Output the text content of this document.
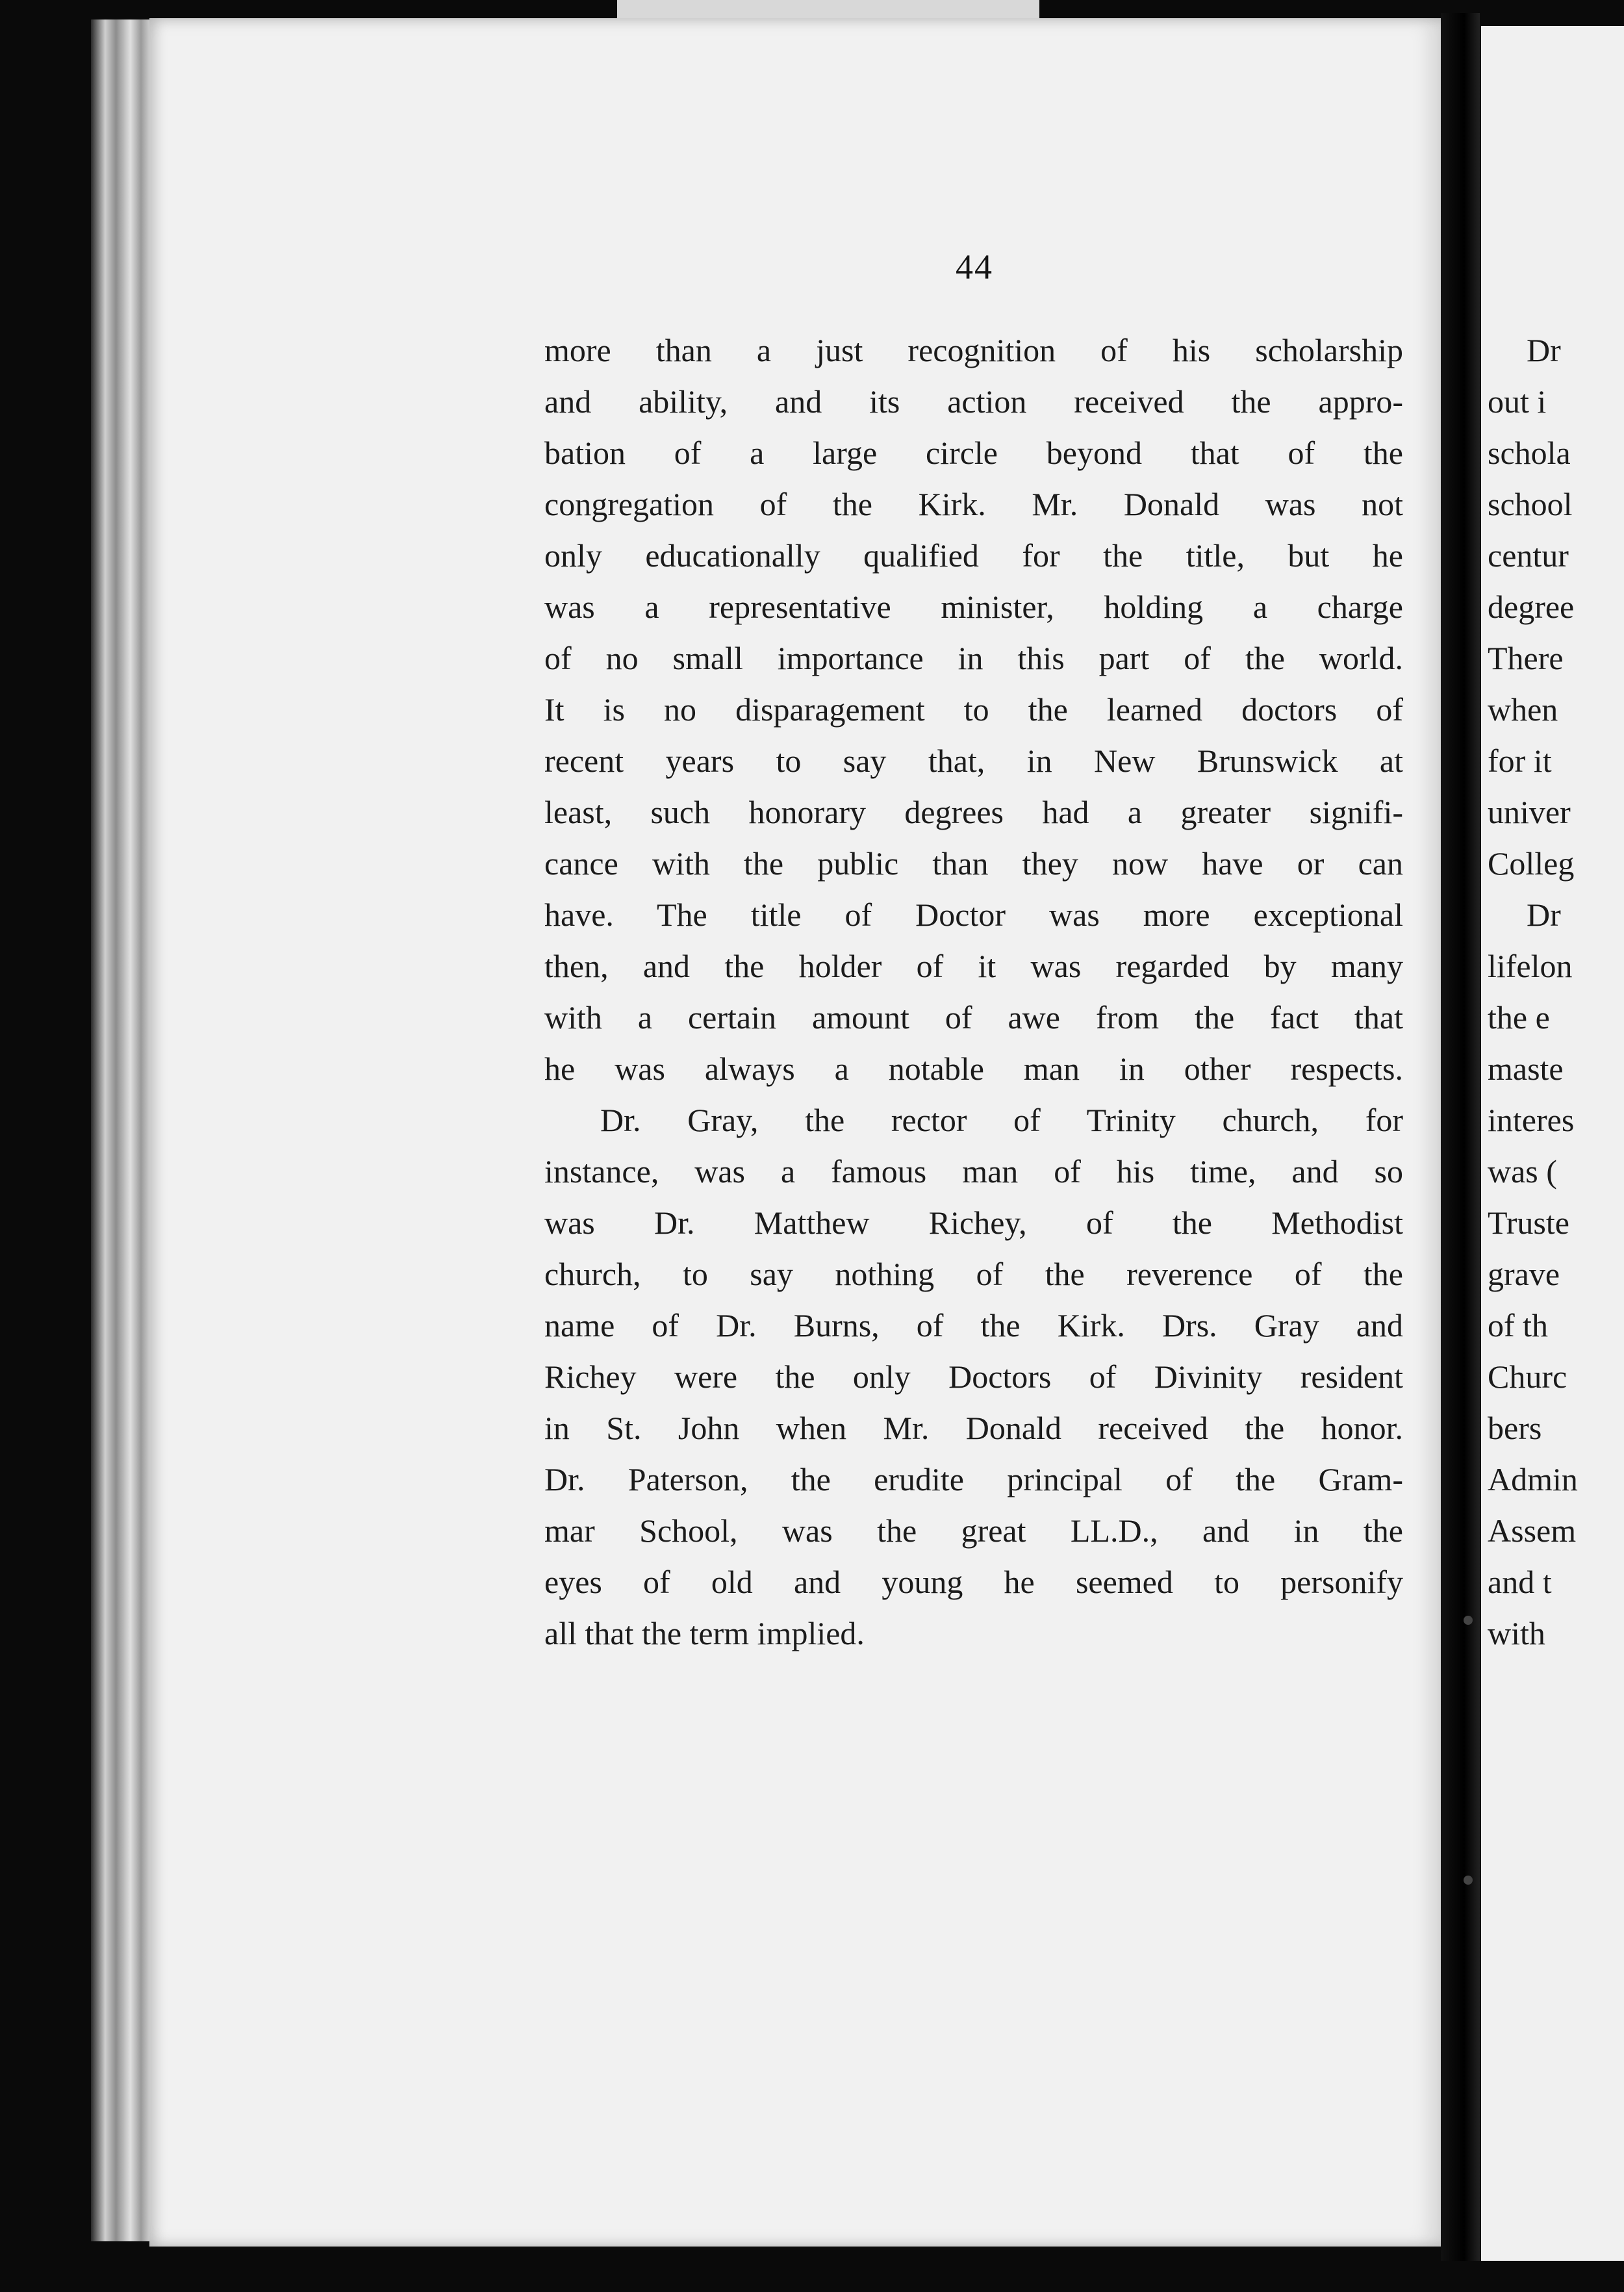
44
more than a just recognition of his scholarship
and ability, and its action received the appro-
bation of a large circle beyond that of the
congregation of the Kirk. Mr. Donald was not
only educationally qualified for the title, but he
was a representative minister, holding a charge
of no small importance in this part of the world.
It is no disparagement to the learned doctors of
recent years to say that, in New Brunswick at
least, such honorary degrees had a greater signifi-
cance with the public than they now have or can
have. The title of Doctor was more exceptional
then, and the holder of it was regarded by many
with a certain amount of awe from the fact that
he was always a notable man in other respects.
Dr. Gray, the rector of Trinity church, for
instance, was a famous man of his time, and so
was Dr. Matthew Richey, of the Methodist
church, to say nothing of the reverence of the
name of Dr. Burns, of the Kirk. Drs. Gray and
Richey were the only Doctors of Divinity resident
in St. John when Mr. Donald received the honor.
Dr. Paterson, the erudite principal of the Gram-
mar School, was the great LL.D., and in the
eyes of old and young he seemed to personify
all that the term implied.
Dr
out i
schola
school
centur
degree
There
when
for it
univer
Colleg
Dr
lifelon
the e
maste
interes
was (
Truste
grave
of th
Churc
bers
Admin
Assem
and t
with
